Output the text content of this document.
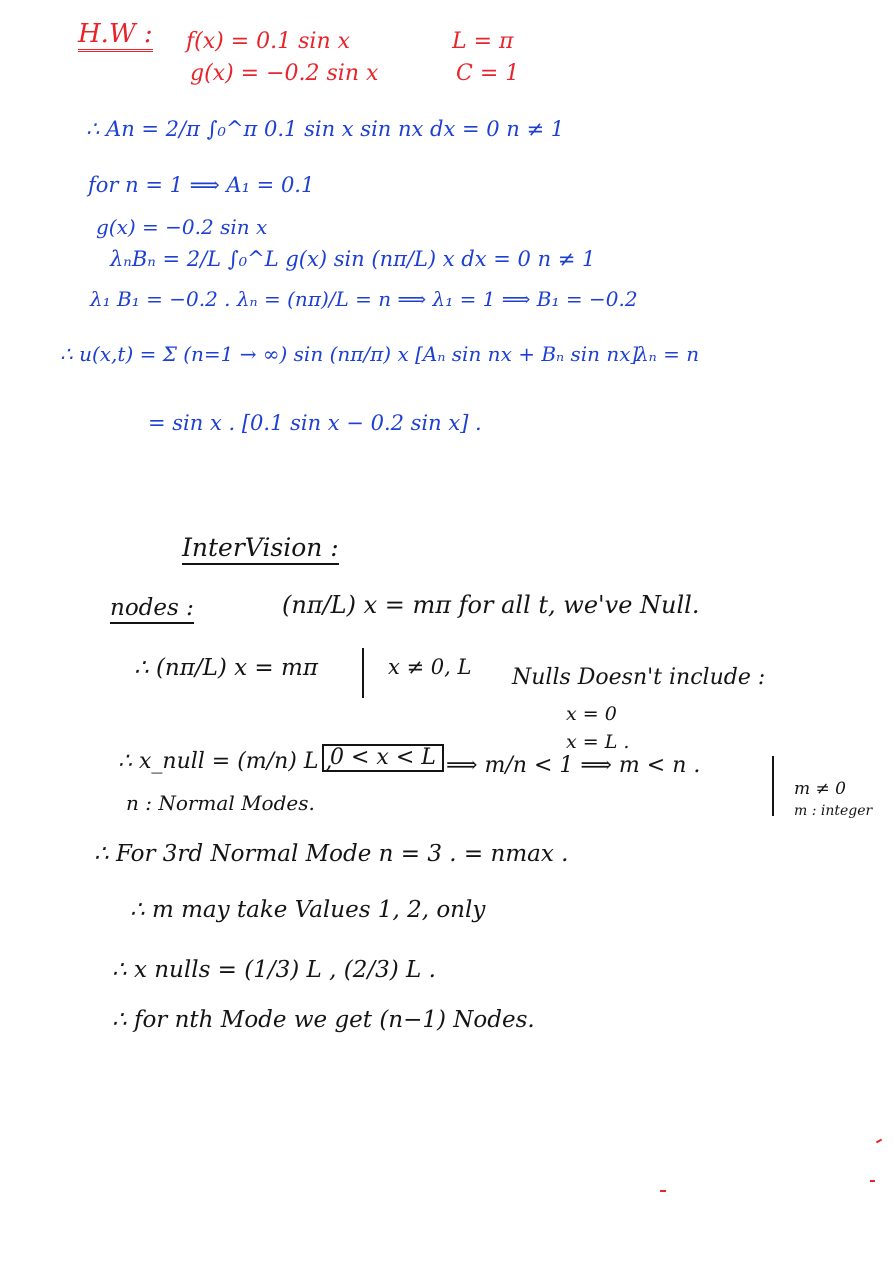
H.W : f(x) = 0.1 sin x
g(x) = −0.2 sin x
L = π
C = 1
∴ An = 2/π ∫₀^π 0.1 sin x sin nx dx = 0 n ≠ 1
for n = 1 ⟹ A₁ = 0.1
g(x) = −0.2 sin x
λₙBₙ = 2/L ∫₀^L g(x) sin (nπ/L) x dx = 0 n ≠ 1
λ₁ B₁ = −0.2 . λₙ = (nπ)/L = n ⟹ λ₁ = 1 ⟹ B₁ = −0.2
∴ u(x,t) = Σ (n=1 → ∞) sin (nπ/π) x [Aₙ sin nx + Bₙ sin nx]
λₙ = n
= sin x . [0.1 sin x − 0.2 sin x] .
InterVision :
nodes :	(nπ/L) x = mπ for all t, we've Null.
∴ (nπ/L) x = mπ	x ≠ 0, L Nulls Doesn't include :
x = 0
x = L .
∴ x_null = (m/n) L ,
0 < x < L ⟹ m/n < 1 ⟹ m < n .
m ≠ 0
m : integer
n : Normal Modes.
∴ For 3rd Normal Mode n = 3 . = nmax .
∴ m may take Values 1, 2, only
∴ x nulls = (1/3) L , (2/3) L .
∴ for nth Mode we get (n−1) Nodes.
